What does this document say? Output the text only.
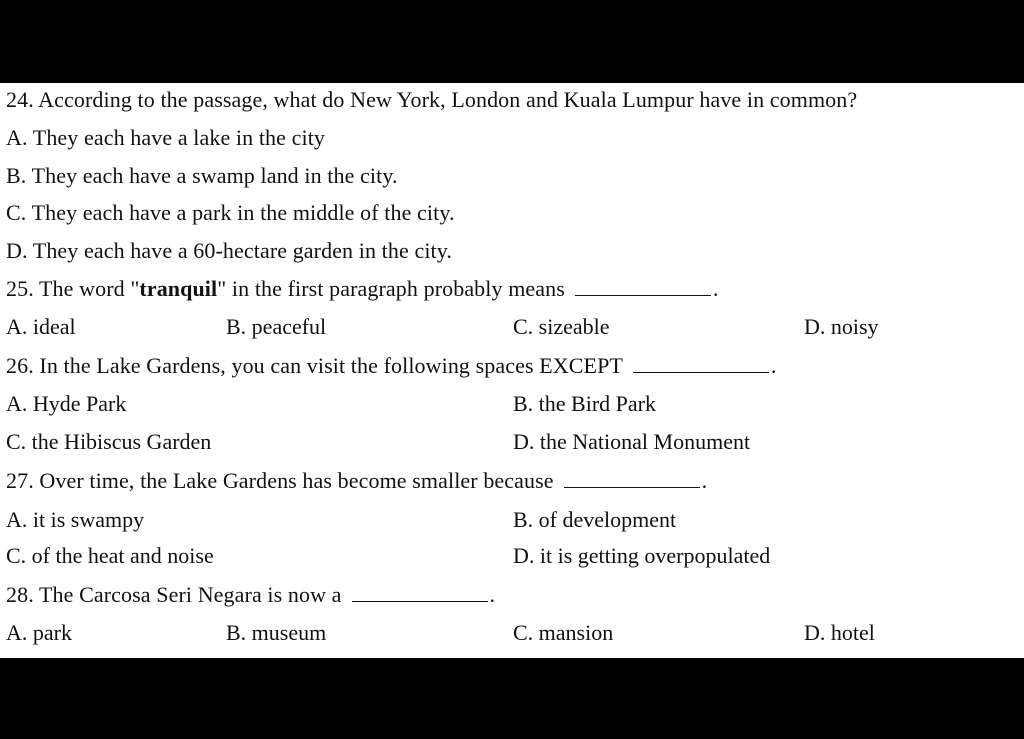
24. According to the passage, what do New York, London and Kuala Lumpur have in common?
A. They each have a lake in the city
B. They each have a swamp land in the city.
C. They each have a park in the middle of the city.
D. They each have a 60-hectare garden in the city.
25. The word "tranquil" in the first paragraph probably means	.
A. ideal	B. peaceful	C. sizeable	D. noisy
26. In the Lake Gardens, you can visit the following spaces EXCEPT	.
A. Hyde Park	B. the Bird Park
C. the Hibiscus Garden	D. the National Monument
27. Over time, the Lake Gardens has become smaller because	.
A. it is swampy	B. of development
C. of the heat and noise	D. it is getting overpopulated
28. The Carcosa Seri Negara is now a	.
A. park	B. museum	C. mansion	D. hotel
